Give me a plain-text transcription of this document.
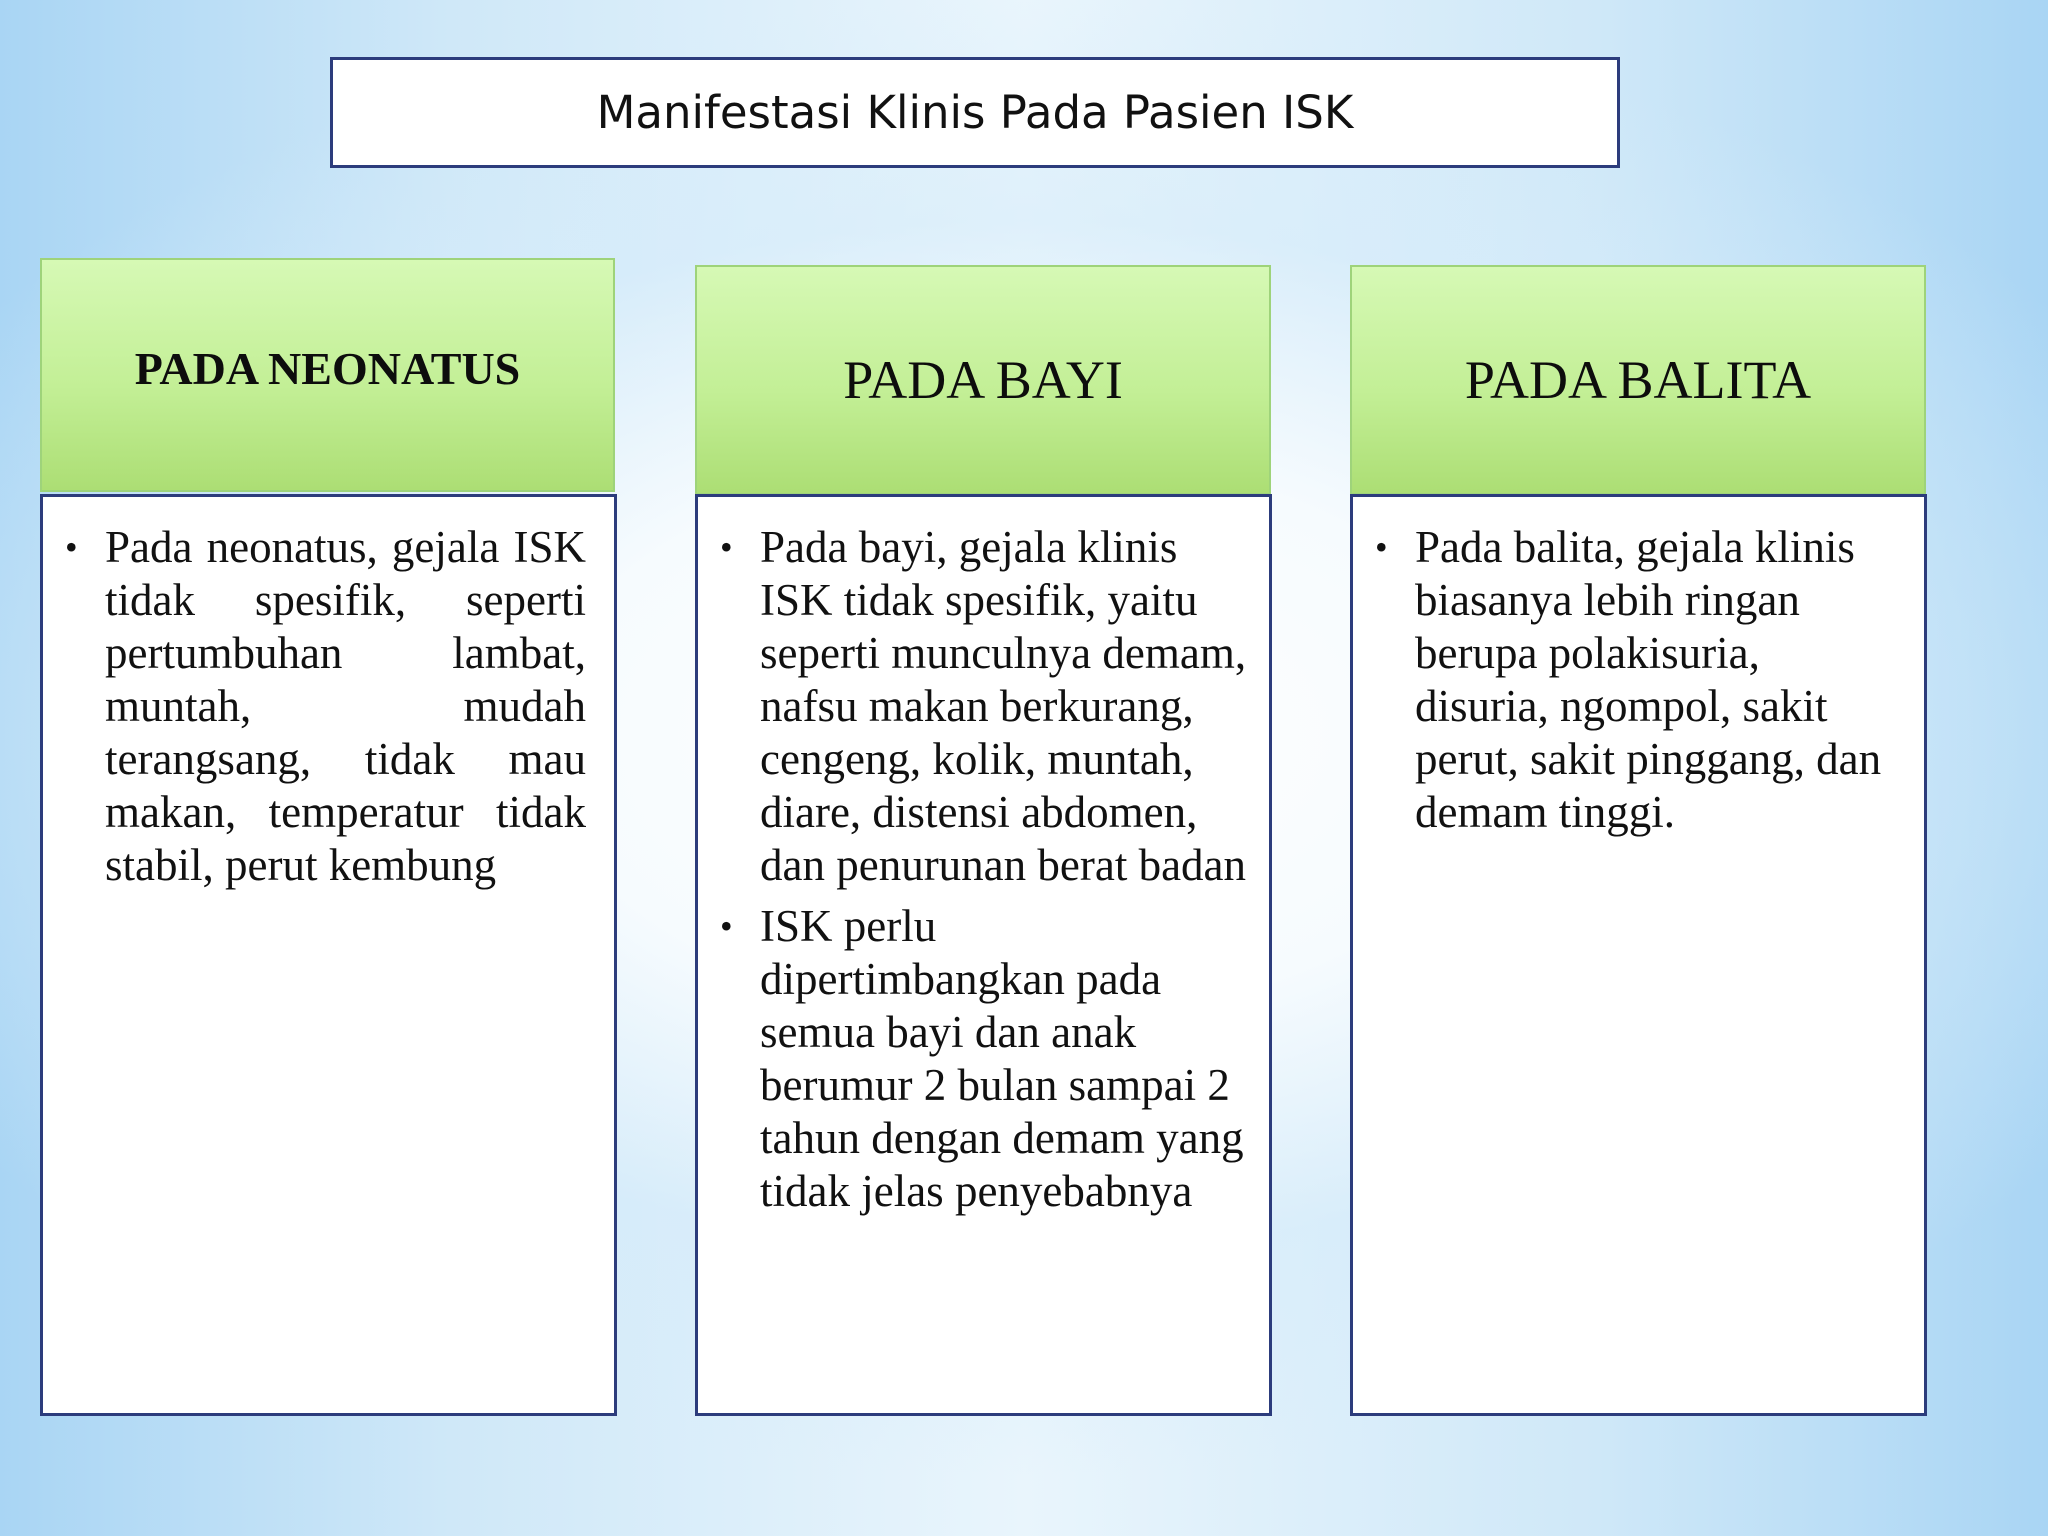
Manifestasi Klinis Pada Pasien ISK
PADA NEONATUS
• Pada neonatus, gejala ISK tidak spesifik, seperti pertumbuhan lambat, muntah, mudah terangsang, tidak mau makan, temperatur tidak stabil, perut kembung
PADA BAYI
• Pada bayi, gejala klinis ISK tidak spesifik, yaitu seperti munculnya demam, nafsu makan berkurang, cengeng, kolik, muntah, diare, distensi abdomen, dan penurunan berat badan
• ISK perlu dipertimbangkan pada semua bayi dan anak berumur 2 bulan sampai 2 tahun dengan demam yang tidak jelas penyebabnya
PADA BALITA
• Pada balita, gejala klinis biasanya lebih ringan berupa polakisuria, disuria, ngompol, sakit perut, sakit pinggang, dan demam tinggi.
